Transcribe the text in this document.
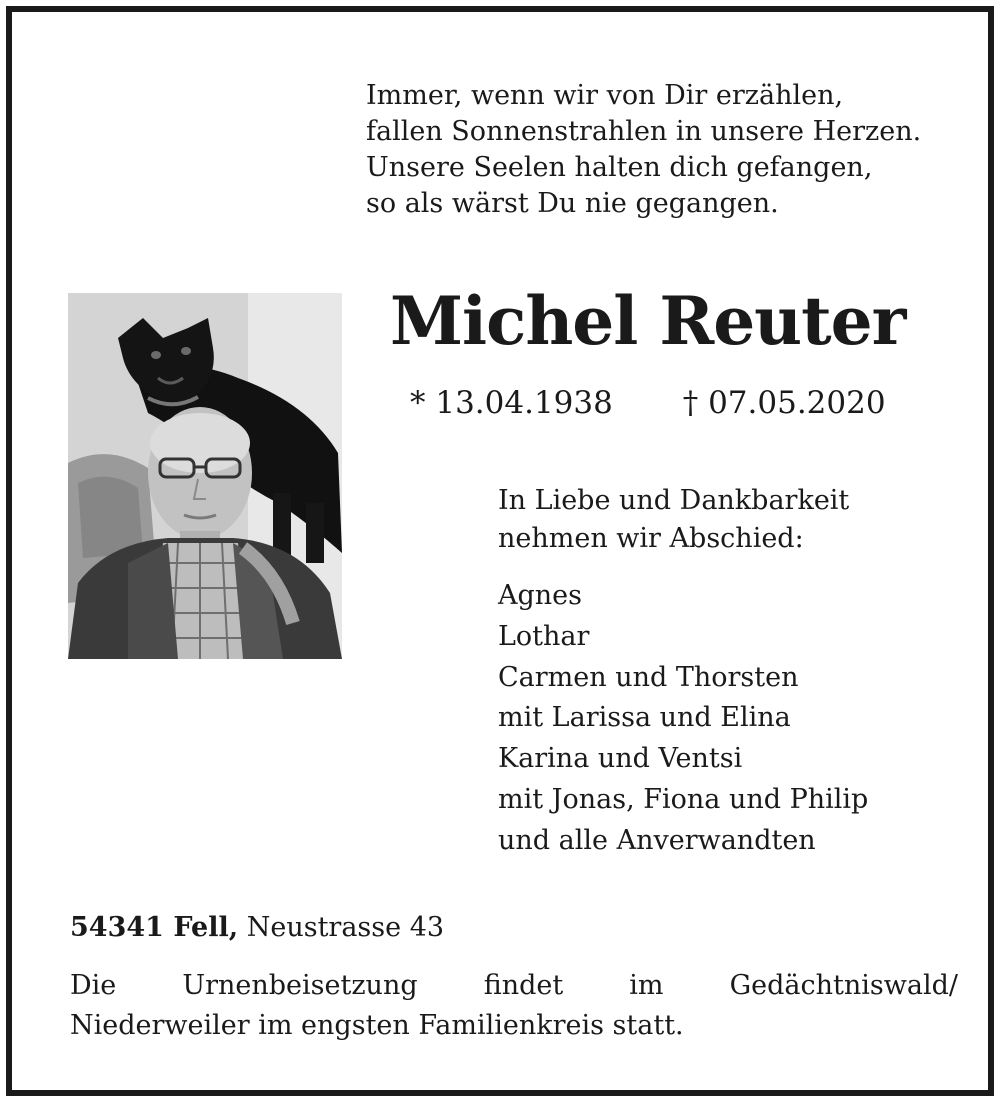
Immer, wenn wir von Dir erzählen,
fallen Sonnenstrahlen in unsere Herzen.
Unsere Seelen halten dich gefangen,
so als wärst Du nie gegangen.
Michel Reuter
* 13.04.1938 † 07.05.2020
In Liebe und Dankbarkeit
nehmen wir Abschied:
Agnes
Lothar
Carmen und Thorsten
mit Larissa und Elina
Karina und Ventsi
mit Jonas, Fiona und Philip
und alle Anverwandten
54341 Fell, Neustrasse 43
Die Urnenbeisetzung findet im Gedächtniswald/
Niederweiler im engsten Familienkreis statt.
